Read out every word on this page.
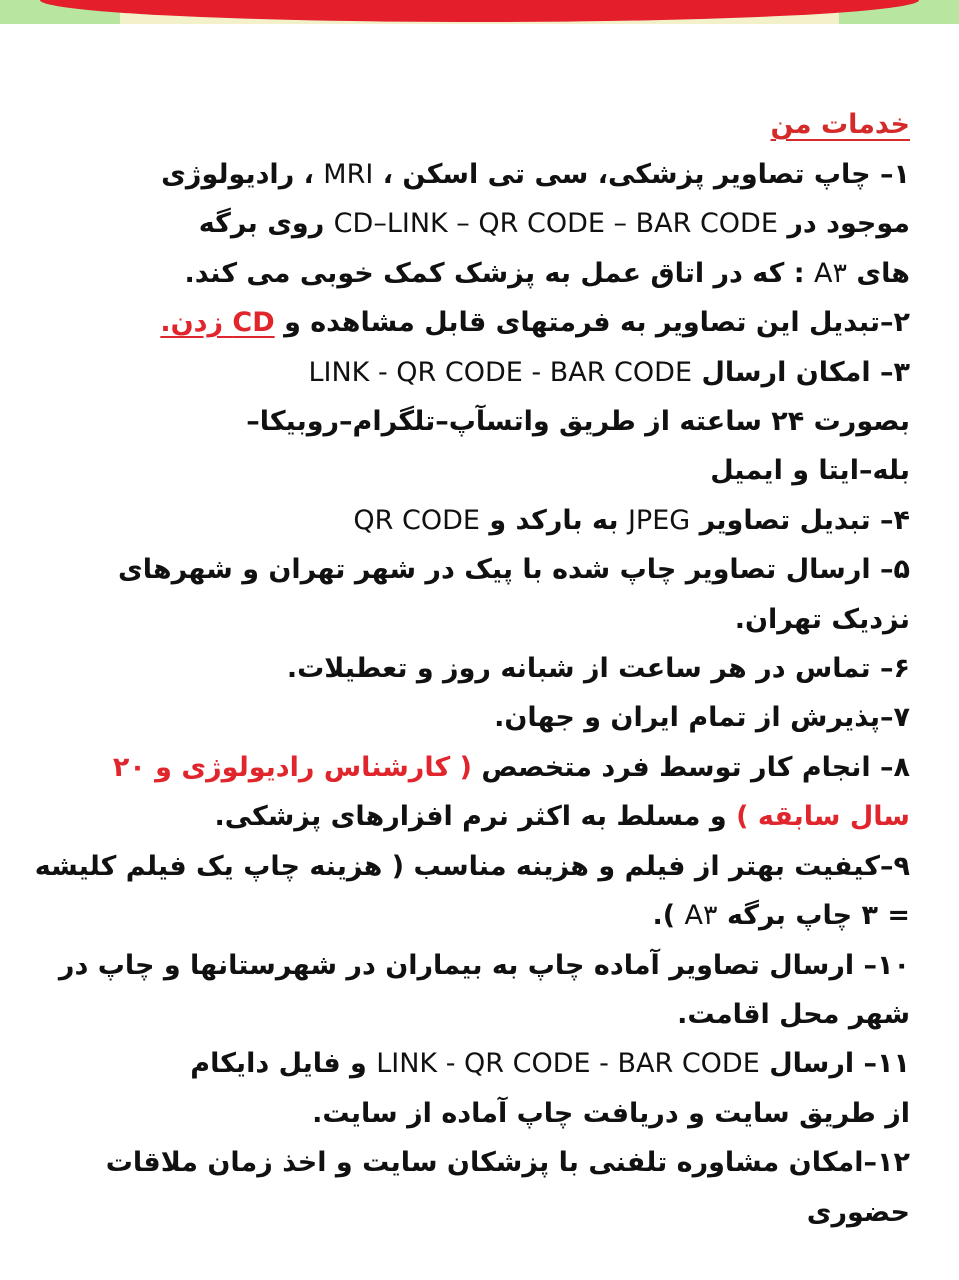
خدمات من
۱– چاپ تصاویر پزشکی، سی تی اسکن ، MRI ، رادیولوژی
موجود در CD–LINK – QR CODE – BAR CODE روی برگه
های A۳ : که در اتاق عمل به پزشک کمک خوبی می کند.
۲–تبدیل این تصاویر به فرمتهای قابل مشاهده و CD زدن.
۳– امکان ارسال LINK - QR CODE - BAR CODE
بصورت ۲۴ ساعته از طریق واتسآپ–تلگرام–روبیکا–
بله–ایتا و ایمیل
۴– تبدیل تصاویر JPEG به بارکد و QR CODE
۵– ارسال تصاویر چاپ شده با پیک در شهر تهران و شهرهای
نزدیک تهران.
۶– تماس در هر ساعت از شبانه روز و تعطیلات.
۷–پذیرش از تمام ایران و جهان.
۸– انجام کار توسط فرد متخصص ( کارشناس رادیولوژی و ۲۰
سال سابقه ) و مسلط به اکثر نرم افزارهای پزشکی.
۹–کیفیت بهتر از فیلم و هزینه مناسب ( هزینه چاپ یک فیلم کلیشه
= ۳ چاپ برگه A۳ ).
۱۰– ارسال تصاویر آماده چاپ به بیماران در شهرستانها و چاپ در
شهر محل اقامت.
۱۱– ارسال LINK - QR CODE - BAR CODE و فایل دایکام
از طریق سایت و دریافت چاپ آماده از سایت.
۱۲–امکان مشاوره تلفنی با پزشکان سایت و اخذ زمان ملاقات
حضوری
